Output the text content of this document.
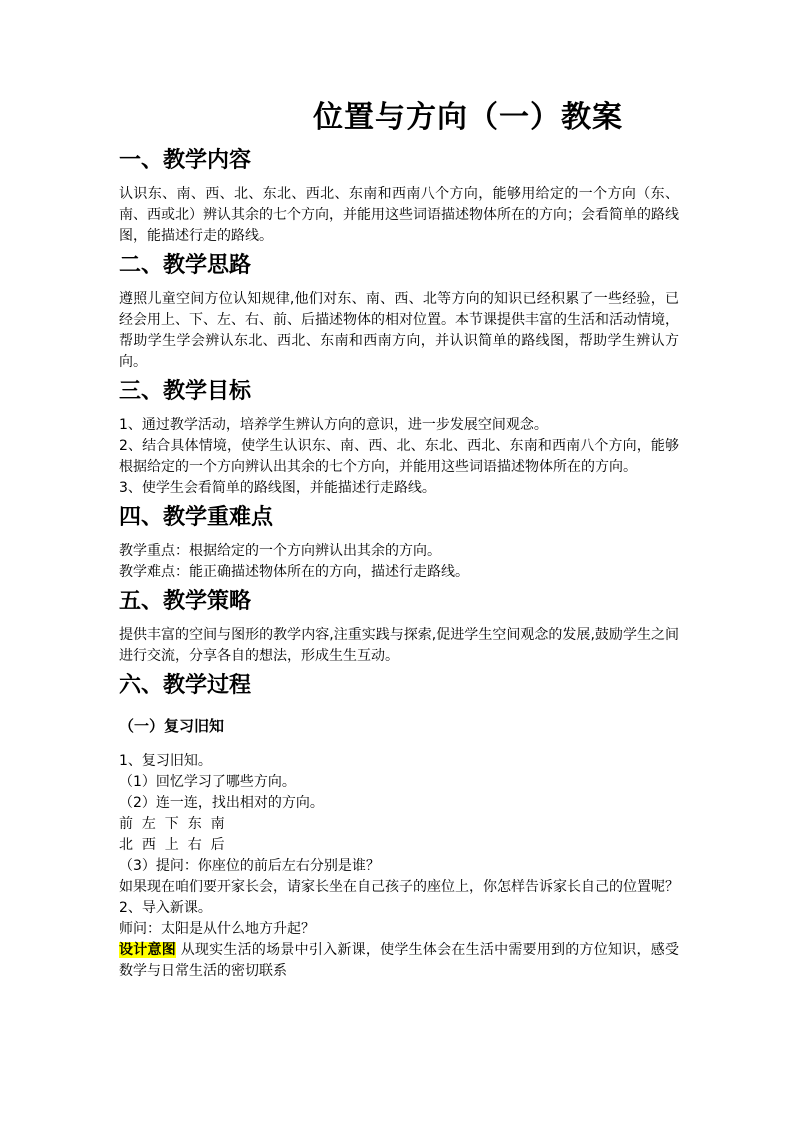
位置与方向（一）教案
一、教学内容

认识东、南、西、北、东北、西北、东南和西南八个方向，能够用给定的一个方向（东、南、西或北）辨认其余的七个方向，并能用这些词语描述物体所在的方向；会看简单的路线图，能描述行走的路线。

二、教学思路

遵照儿童空间方位认知规律,他们对东、南、西、北等方向的知识已经积累了一些经验，已经会用上、下、左、右、前、后描述物体的相对位置。本节课提供丰富的生活和活动情境，帮助学生学会辨认东北、西北、东南和西南方向，并认识简单的路线图，帮助学生辨认方向。

三、教学目标

1、通过教学活动，培养学生辨认方向的意识，进一步发展空间观念。

2、结合具体情境，使学生认识东、南、西、北、东北、西北、东南和西南八个方向，能够根据给定的一个方向辨认出其余的七个方向，并能用这些词语描述物体所在的方向。

3、使学生会看简单的路线图，并能描述行走路线。

四、教学重难点

教学重点：根据给定的一个方向辨认出其余的方向。

教学难点：能正确描述物体所在的方向，描述行走路线。

五、教学策略

提供丰富的空间与图形的教学内容,注重实践与探索,促进学生空间观念的发展,鼓励学生之间进行交流，分享各自的想法，形成生生互动。

六、教学过程
（一）复习旧知

1、复习旧知。

（1）回忆学习了哪些方向。

（2）连一连，找出相对的方向。

前  左  下  东  南

北  西  上  右  后

（3）提问：你座位的前后左右分别是谁？

如果现在咱们要开家长会，请家长坐在自己孩子的座位上，你怎样告诉家长自己的位置呢？

2、导入新课。

师问：太阳是从什么地方升起？

设计意图 从现实生活的场景中引入新课，使学生体会在生活中需要用到的方位知识，感受数学与日常生活的密切联系
